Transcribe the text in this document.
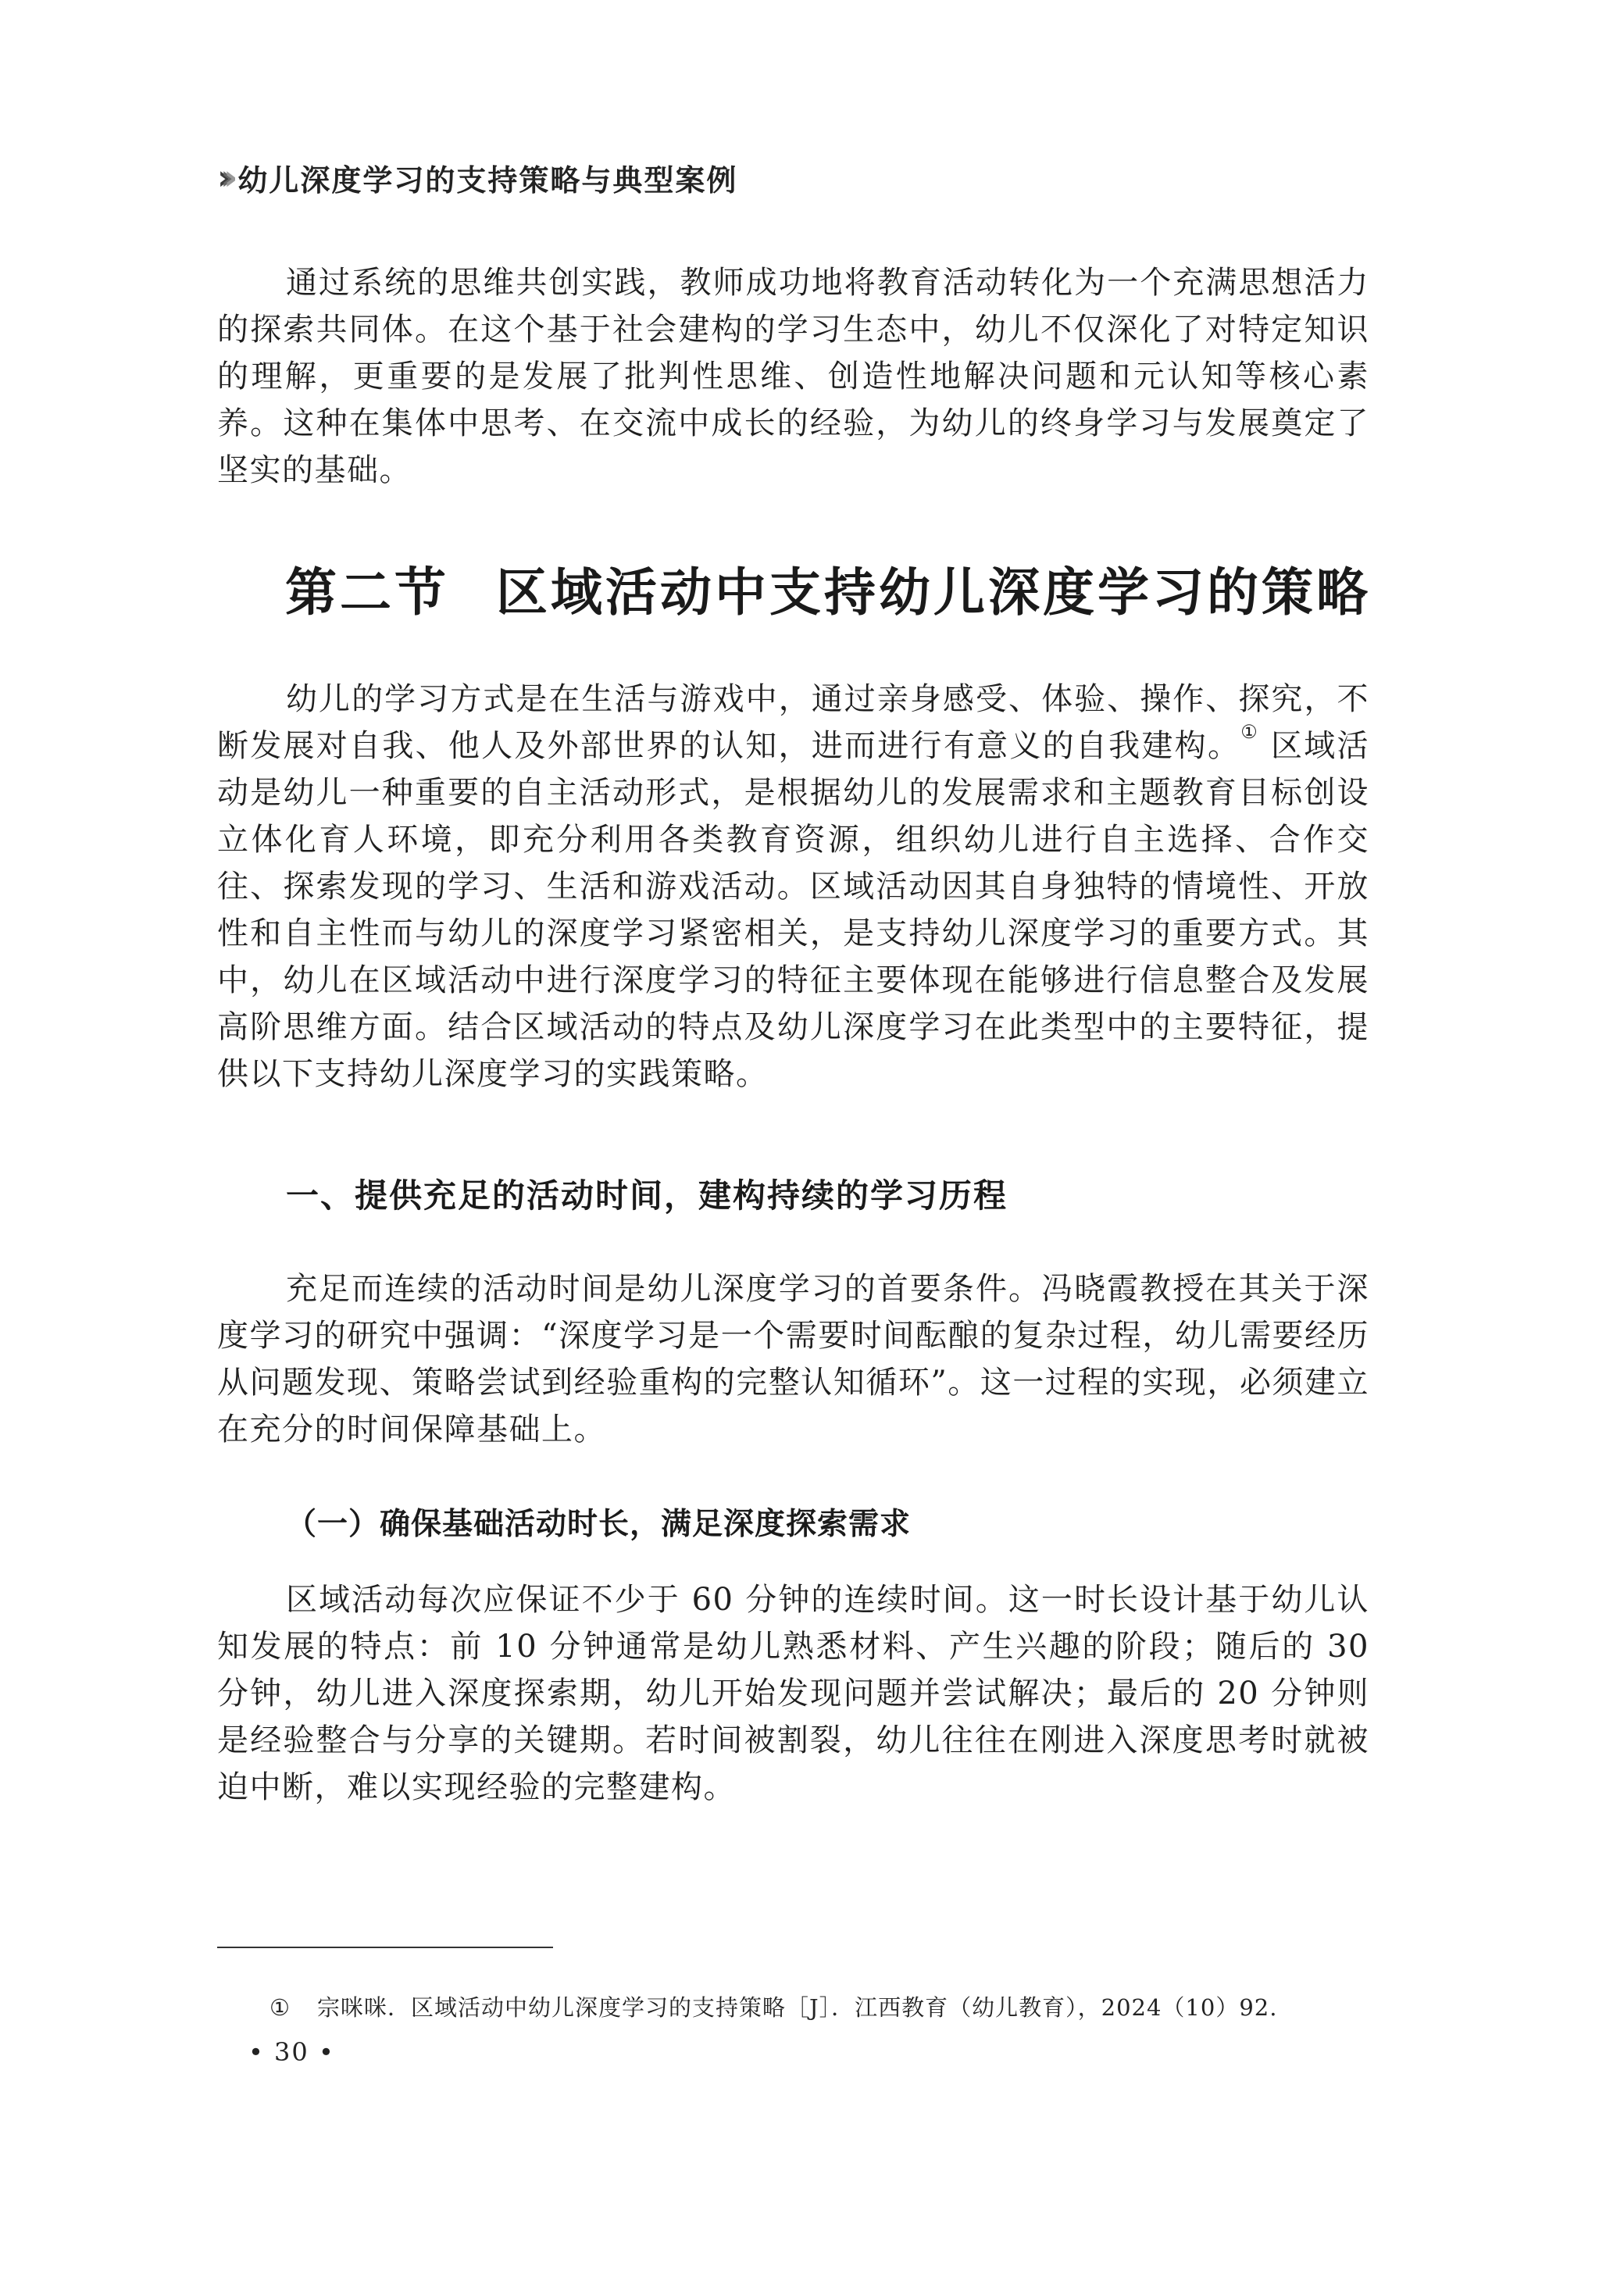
› › › 幼儿深度学习的支持策略与典型案例

通过系统的思维共创实践，教师成功地将教育活动转化为一个充满思想活力的探索共同体。在这个基于社会建构的学习生态中，幼儿不仅深化了对特定知识的理解，更重要的是发展了批判性思维、创造性地解决问题和元认知等核心素养。这种在集体中思考、在交流中成长的经验，为幼儿的终身学习与发展奠定了坚实的基础。

第二节 区域活动中支持幼儿深度学习的策略

幼儿的学习方式是在生活与游戏中，通过亲身感受、体验、操作、探究，不断发展对自我、他人及外部世界的认知，进而进行有意义的自我建构。① 区域活动是幼儿一种重要的自主活动形式，是根据幼儿的发展需求和主题教育目标创设立体化育人环境，即充分利用各类教育资源，组织幼儿进行自主选择、合作交往、探索发现的学习、生活和游戏活动。区域活动因其自身独特的情境性、开放性和自主性而与幼儿的深度学习紧密相关，是支持幼儿深度学习的重要方式。其中，幼儿在区域活动中进行深度学习的特征主要体现在能够进行信息整合及发展高阶思维方面。结合区域活动的特点及幼儿深度学习在此类型中的主要特征，提供以下支持幼儿深度学习的实践策略。

一、提供充足的活动时间，建构持续的学习历程

充足而连续的活动时间是幼儿深度学习的首要条件。冯晓霞教授在其关于深度学习的研究中强调：“深度学习是一个需要时间酝酿的复杂过程，幼儿需要经历从问题发现、策略尝试到经验重构的完整认知循环”。这一过程的实现，必须建立在充分的时间保障基础上。

（一）确保基础活动时长，满足深度探索需求

区域活动每次应保证不少于 60 分钟的连续时间。这一时长设计基于幼儿认知发展的特点：前 10 分钟通常是幼儿熟悉材料、产生兴趣的阶段；随后的 30 分钟，幼儿进入深度探索期，幼儿开始发现问题并尝试解决；最后的 20 分钟则是经验整合与分享的关键期。若时间被割裂，幼儿往往在刚进入深度思考时就被迫中断，难以实现经验的完整建构。

① 宗咪咪．区域活动中幼儿深度学习的支持策略［J］．江西教育（幼儿教育），2024（10）92.
• 30 •
